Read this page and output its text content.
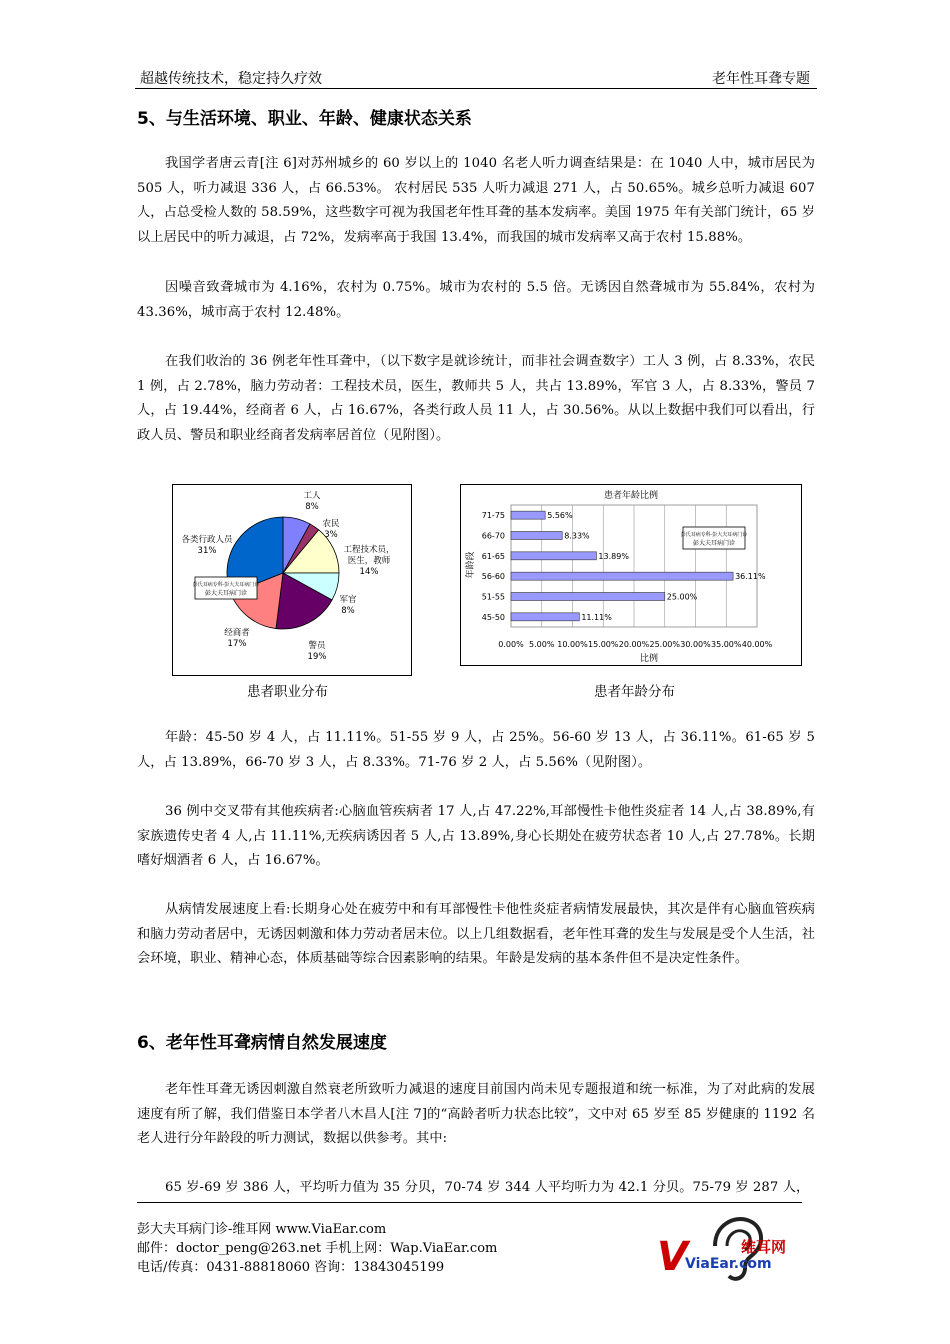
超越传统技术，稳定持久疗效	老年性耳聋专题
5、与生活环境、职业、年龄、健康状态关系
我国学者唐云青[注 6]对苏州城乡的 60 岁以上的 1040 名老人听力调查结果是：在 1040 人中，城市居民为 505 人，听力减退 336 人，占 66.53%。 农村居民 535 人听力减退 271 人，占 50.65%。城乡总听力减退 607 人，占总受检人数的 58.59%，这些数字可视为我国老年性耳聋的基本发病率。美国 1975 年有关部门统计，65 岁以上居民中的听力减退，占 72%，发病率高于我国 13.4%，而我国的城市发病率又高于农村 15.88%。
因噪音致聋城市为 4.16%，农村为 0.75%。城市为农村的 5.5 倍。无诱因自然聋城市为 55.84%，农村为 43.36%，城市高于农村 12.48%。
在我们收治的 36 例老年性耳聋中，（以下数字是就诊统计，而非社会调查数字）工人 3 例，占 8.33%，农民 1 例，占 2.78%，脑力劳动者：工程技术员，医生，教师共 5 人，共占 13.89%，军官 3 人，占 8.33%，警员 7 人，占 19.44%，经商者 6 人，占 16.67%，各类行政人员 11 人，占 30.56%。从以上数据中我们可以看出，行政人员、警员和职业经商者发病率居首位（见附图）。
工人
8%
农民
3%
工程技术员，
医生，教师
14%
军官
8%
警员
19%
经商者
17%
各类行政人员
31%
彭氏耳病专科·彭大夫耳病门诊
彭大夫耳病门诊
患者职业分布
0.00% 5.00% 10.00% 15.00% 20.00% 25.00% 30.00% 35.00% 40.00%
患者年龄比例
比例
年龄段
71-75	5.56%
66-70	8.33%
61-65	13.89%
56-60	36.11%
51-55	25.00%
45-50	11.11%
彭氏耳病专科·彭大夫耳病门诊
彭大夫耳病门诊
患者年龄分布
年龄：45-50 岁 4 人，占 11.11%。51-55 岁 9 人，占 25%。56-60 岁 13 人，占 36.11%。61-65 岁 5 人，占 13.89%，66-70 岁 3 人，占 8.33%。71-76 岁 2 人，占 5.56%（见附图）。
36 例中交叉带有其他疾病者:心脑血管疾病者 17 人,占 47.22%,耳部慢性卡他性炎症者 14 人,占 38.89%,有家族遗传史者 4 人,占 11.11%,无疾病诱因者 5 人,占 13.89%,身心长期处在疲劳状态者 10 人,占 27.78%。长期嗜好烟酒者 6 人，占 16.67%。
从病情发展速度上看:长期身心处在疲劳中和有耳部慢性卡他性炎症者病情发展最快，其次是伴有心脑血管疾病和脑力劳动者居中，无诱因刺激和体力劳动者居末位。以上几组数据看，老年性耳聋的发生与发展是受个人生活，社会环境，职业、精神心态，体质基础等综合因素影响的结果。年龄是发病的基本条件但不是决定性条件。
6、老年性耳聋病情自然发展速度
老年性耳聋无诱因刺激自然衰老所致听力减退的速度目前国内尚未见专题报道和统一标准，为了对此病的发展速度有所了解，我们借鉴日本学者八木昌人[注 7]的“高龄者听力状态比较”，文中对 65 岁至 85 岁健康的 1192 名老人进行分年龄段的听力测试，数据以供参考。其中:
65 岁-69 岁 386 人，平均听力值为 35 分贝，70-74 岁 344 人平均听力为 42.1 分贝。75-79 岁 287 人，
彭大夫耳病门诊-维耳网 www.ViaEar.com
邮件：doctor_peng@263.net 手机上网：Wap.ViaEar.com
电话/传真：0431-88818060 咨询：13843045199	V	维耳网
ViaEar.com
